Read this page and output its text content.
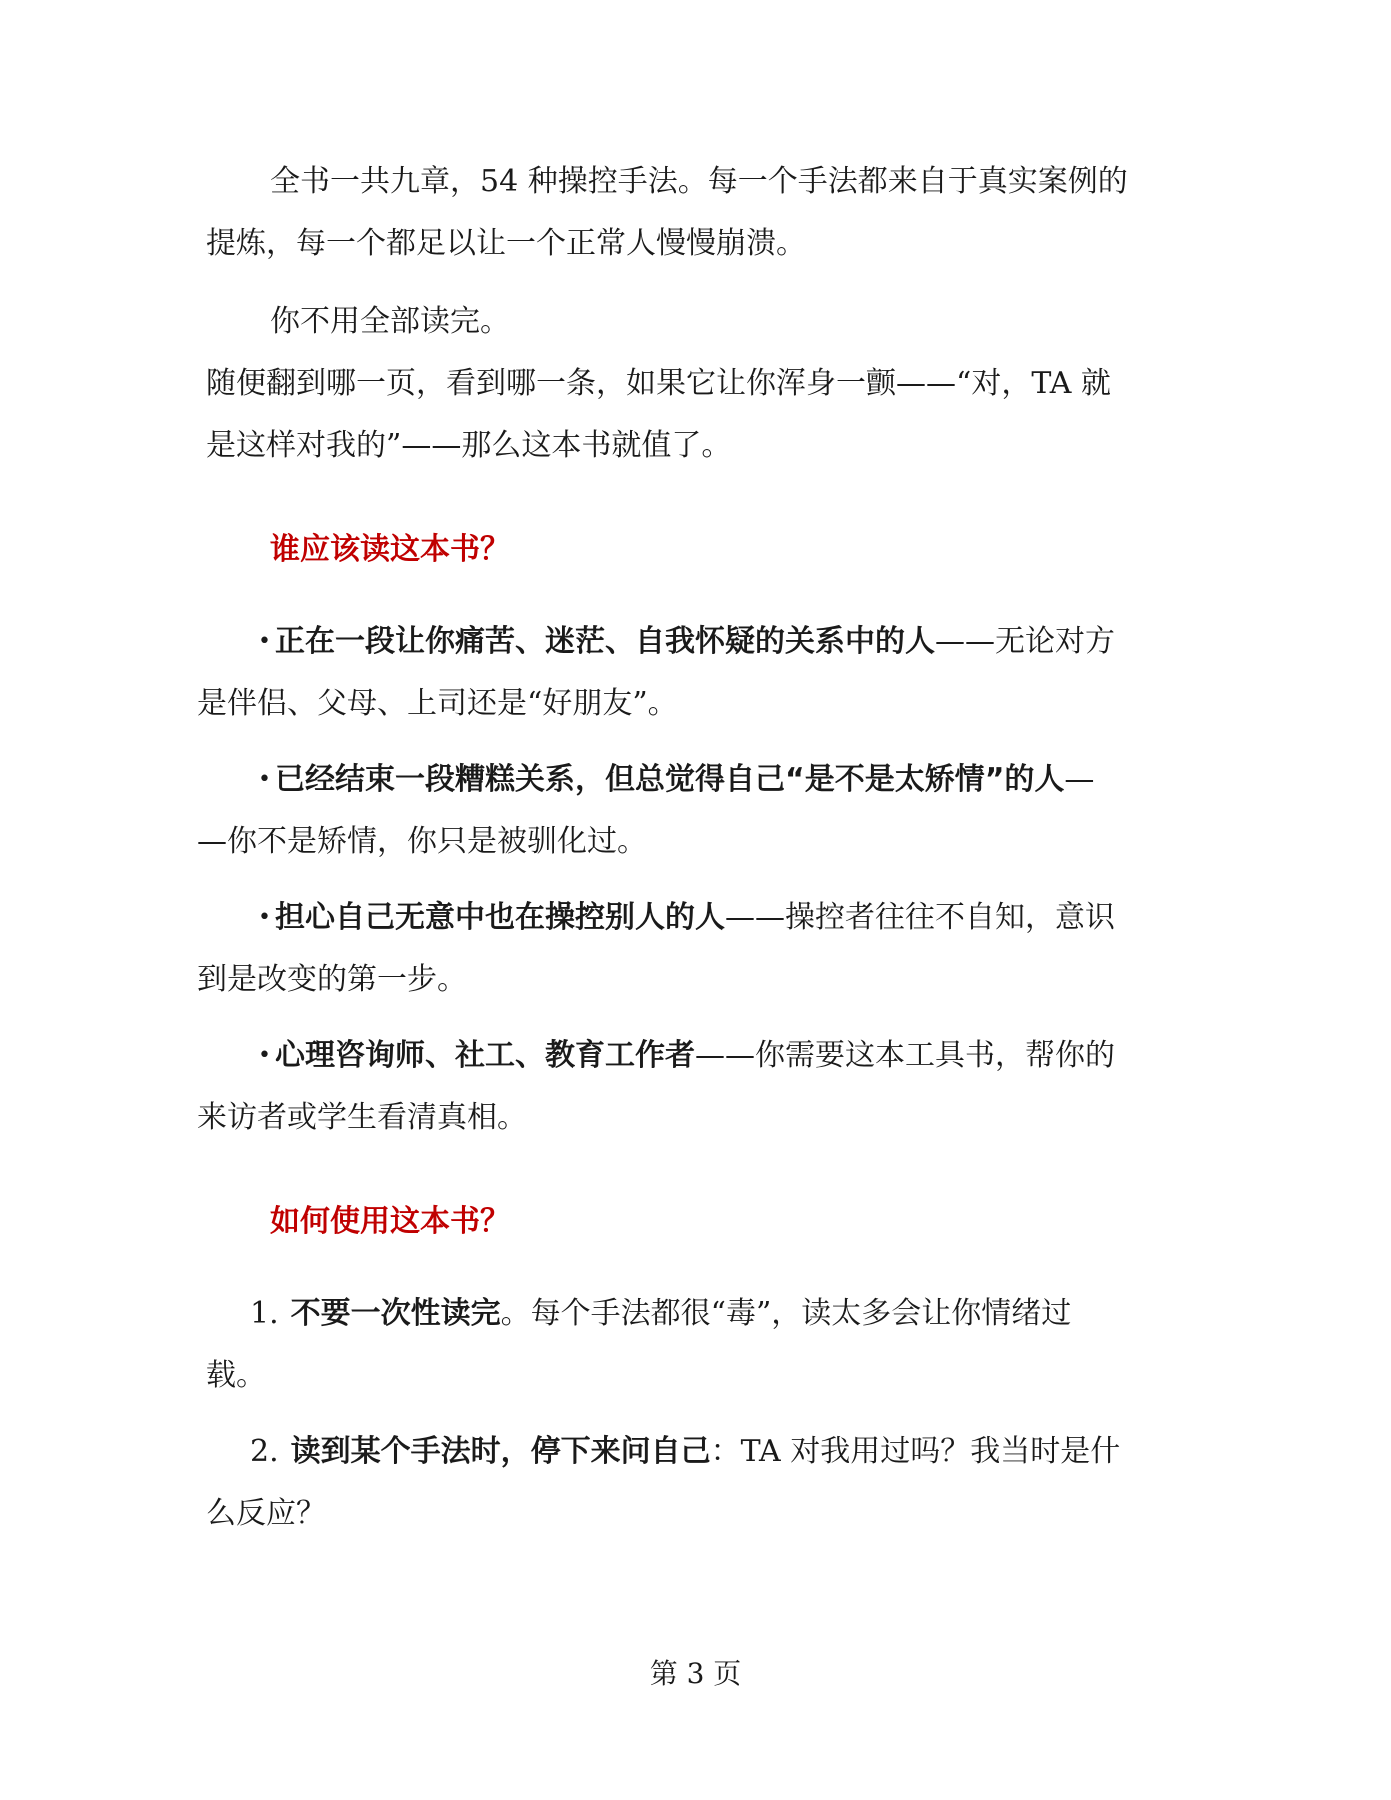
全书一共九章，54 种操控手法。每一个手法都来自于真实案例的
提炼，每一个都足以让一个正常人慢慢崩溃。
你不用全部读完。
随便翻到哪一页，看到哪一条，如果它让你浑身一颤——“对，TA 就
是这样对我的”——那么这本书就值了。
谁应该读这本书？
• 正在一段让你痛苦、迷茫、自我怀疑的关系中的人——无论对方
是伴侣、父母、上司还是“好朋友”。
• 已经结束一段糟糕关系，但总觉得自己“是不是太矫情”的人—
—你不是矫情，你只是被驯化过。
• 担心自己无意中也在操控别人的人——操控者往往不自知，意识
到是改变的第一步。
• 心理咨询师、社工、教育工作者——你需要这本工具书，帮你的
来访者或学生看清真相。
如何使用这本书？
1. 不要一次性读完。每个手法都很“毒”，读太多会让你情绪过
载。
2. 读到某个手法时，停下来问自己：TA 对我用过吗？我当时是什
么反应？
第 3 页
